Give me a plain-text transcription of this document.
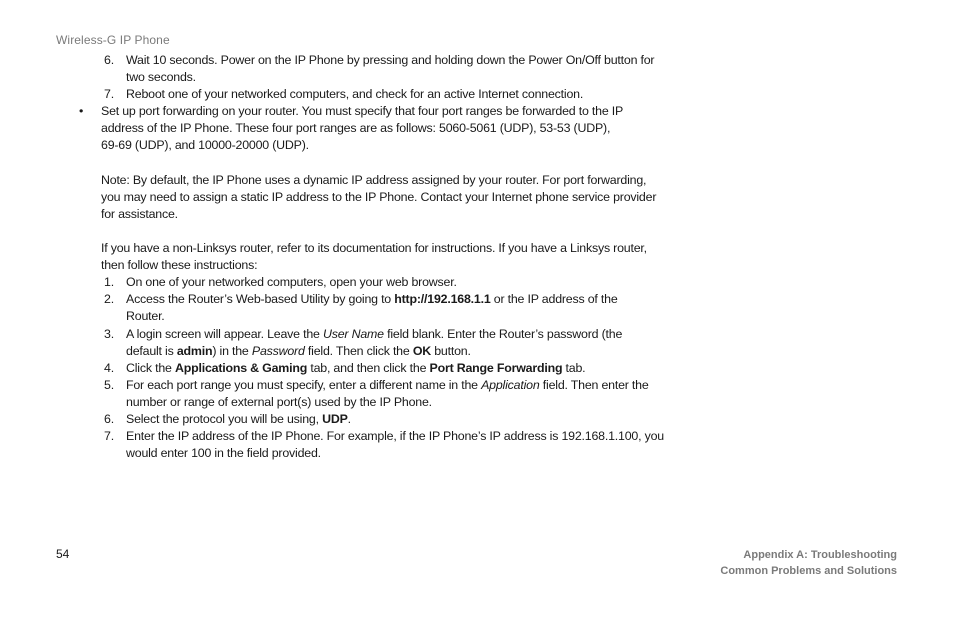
Wireless-G IP Phone
6. Wait 10 seconds. Power on the IP Phone by pressing and holding down the Power On/Off button for
two seconds.
7. Reboot one of your networked computers, and check for an active Internet connection.
• Set up port forwarding on your router. You must specify that four port ranges be forwarded to the IP
address of the IP Phone. These four port ranges are as follows: 5060-5061 (UDP), 53-53 (UDP),
69-69 (UDP), and 10000-20000 (UDP).
Note: By default, the IP Phone uses a dynamic IP address assigned by your router. For port forwarding,
you may need to assign a static IP address to the IP Phone. Contact your Internet phone service provider
for assistance.
If you have a non-Linksys router, refer to its documentation for instructions. If you have a Linksys router,
then follow these instructions:
1. On one of your networked computers, open your web browser.
2. Access the Router’s Web-based Utility by going to http://192.168.1.1 or the IP address of the
Router.
3. A login screen will appear. Leave the User Name field blank. Enter the Router’s password (the
default is admin) in the Password field. Then click the OK button.
4. Click the Applications & Gaming tab, and then click the Port Range Forwarding tab.
5. For each port range you must specify, enter a different name in the Application field. Then enter the
number or range of external port(s) used by the IP Phone.
6. Select the protocol you will be using, UDP.
7. Enter the IP address of the IP Phone. For example, if the IP Phone’s IP address is 192.168.1.100, you
would enter 100 in the field provided.
54	Appendix A: Troubleshooting
Common Problems and Solutions
